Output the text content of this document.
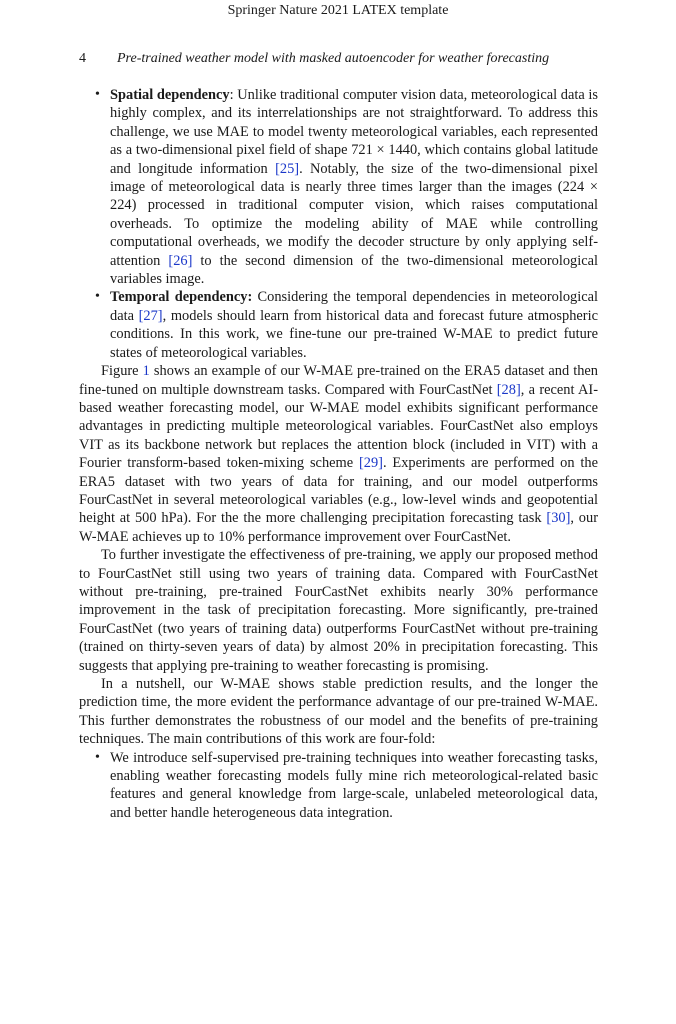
Springer Nature 2021 LATEX template
4 Pre-trained weather model with masked autoencoder for weather forecasting
• Spatial dependency: Unlike traditional computer vision data, meteorological data is highly complex, and its interrelationships are not straightforward. To address this challenge, we use MAE to model twenty meteorological variables, each represented as a two-dimensional pixel field of shape 721 × 1440, which contains global latitude and longitude information [25]. Notably, the size of the two-dimensional pixel image of meteorological data is nearly three times larger than the images (224 × 224) processed in traditional computer vision, which raises computational overheads. To optimize the modeling ability of MAE while controlling computational overheads, we modify the decoder structure by only applying self-attention [26] to the second dimension of the two-dimensional meteorological variables image.
• Temporal dependency: Considering the temporal dependencies in meteorological data [27], models should learn from historical data and forecast future atmospheric conditions. In this work, we fine-tune our pre-trained W-MAE to predict future states of meteorological variables.

Figure 1 shows an example of our W-MAE pre-trained on the ERA5 dataset and then fine-tuned on multiple downstream tasks. Compared with FourCastNet [28], a recent AI-based weather forecasting model, our W-MAE model exhibits significant performance advantages in predicting multiple meteorological variables. FourCastNet also employs VIT as its backbone network but replaces the attention block (included in VIT) with a Fourier transform-based token-mixing scheme [29]. Experiments are performed on the ERA5 dataset with two years of data for training, and our model outperforms FourCastNet in several meteorological variables (e.g., low-level winds and geopotential height at 500 hPa). For the the more challenging precipitation forecasting task [30], our W-MAE achieves up to 10% performance improvement over FourCastNet.

To further investigate the effectiveness of pre-training, we apply our proposed method to FourCastNet still using two years of training data. Compared with FourCastNet without pre-training, pre-trained FourCastNet exhibits nearly 30% performance improvement in the task of precipitation forecasting. More significantly, pre-trained FourCastNet (two years of training data) outperforms FourCastNet without pre-training (trained on thirty-seven years of data) by almost 20% in precipitation forecasting. This suggests that applying pre-training to weather forecasting is promising.

In a nutshell, our W-MAE shows stable prediction results, and the longer the prediction time, the more evident the performance advantage of our pre-trained W-MAE. This further demonstrates the robustness of our model and the benefits of pre-training techniques. The main contributions of this work are four-fold:

• We introduce self-supervised pre-training techniques into weather forecasting tasks, enabling weather forecasting models fully mine rich meteorological-related basic features and general knowledge from large-scale, unlabeled meteorological data, and better handle heterogeneous data integration.
